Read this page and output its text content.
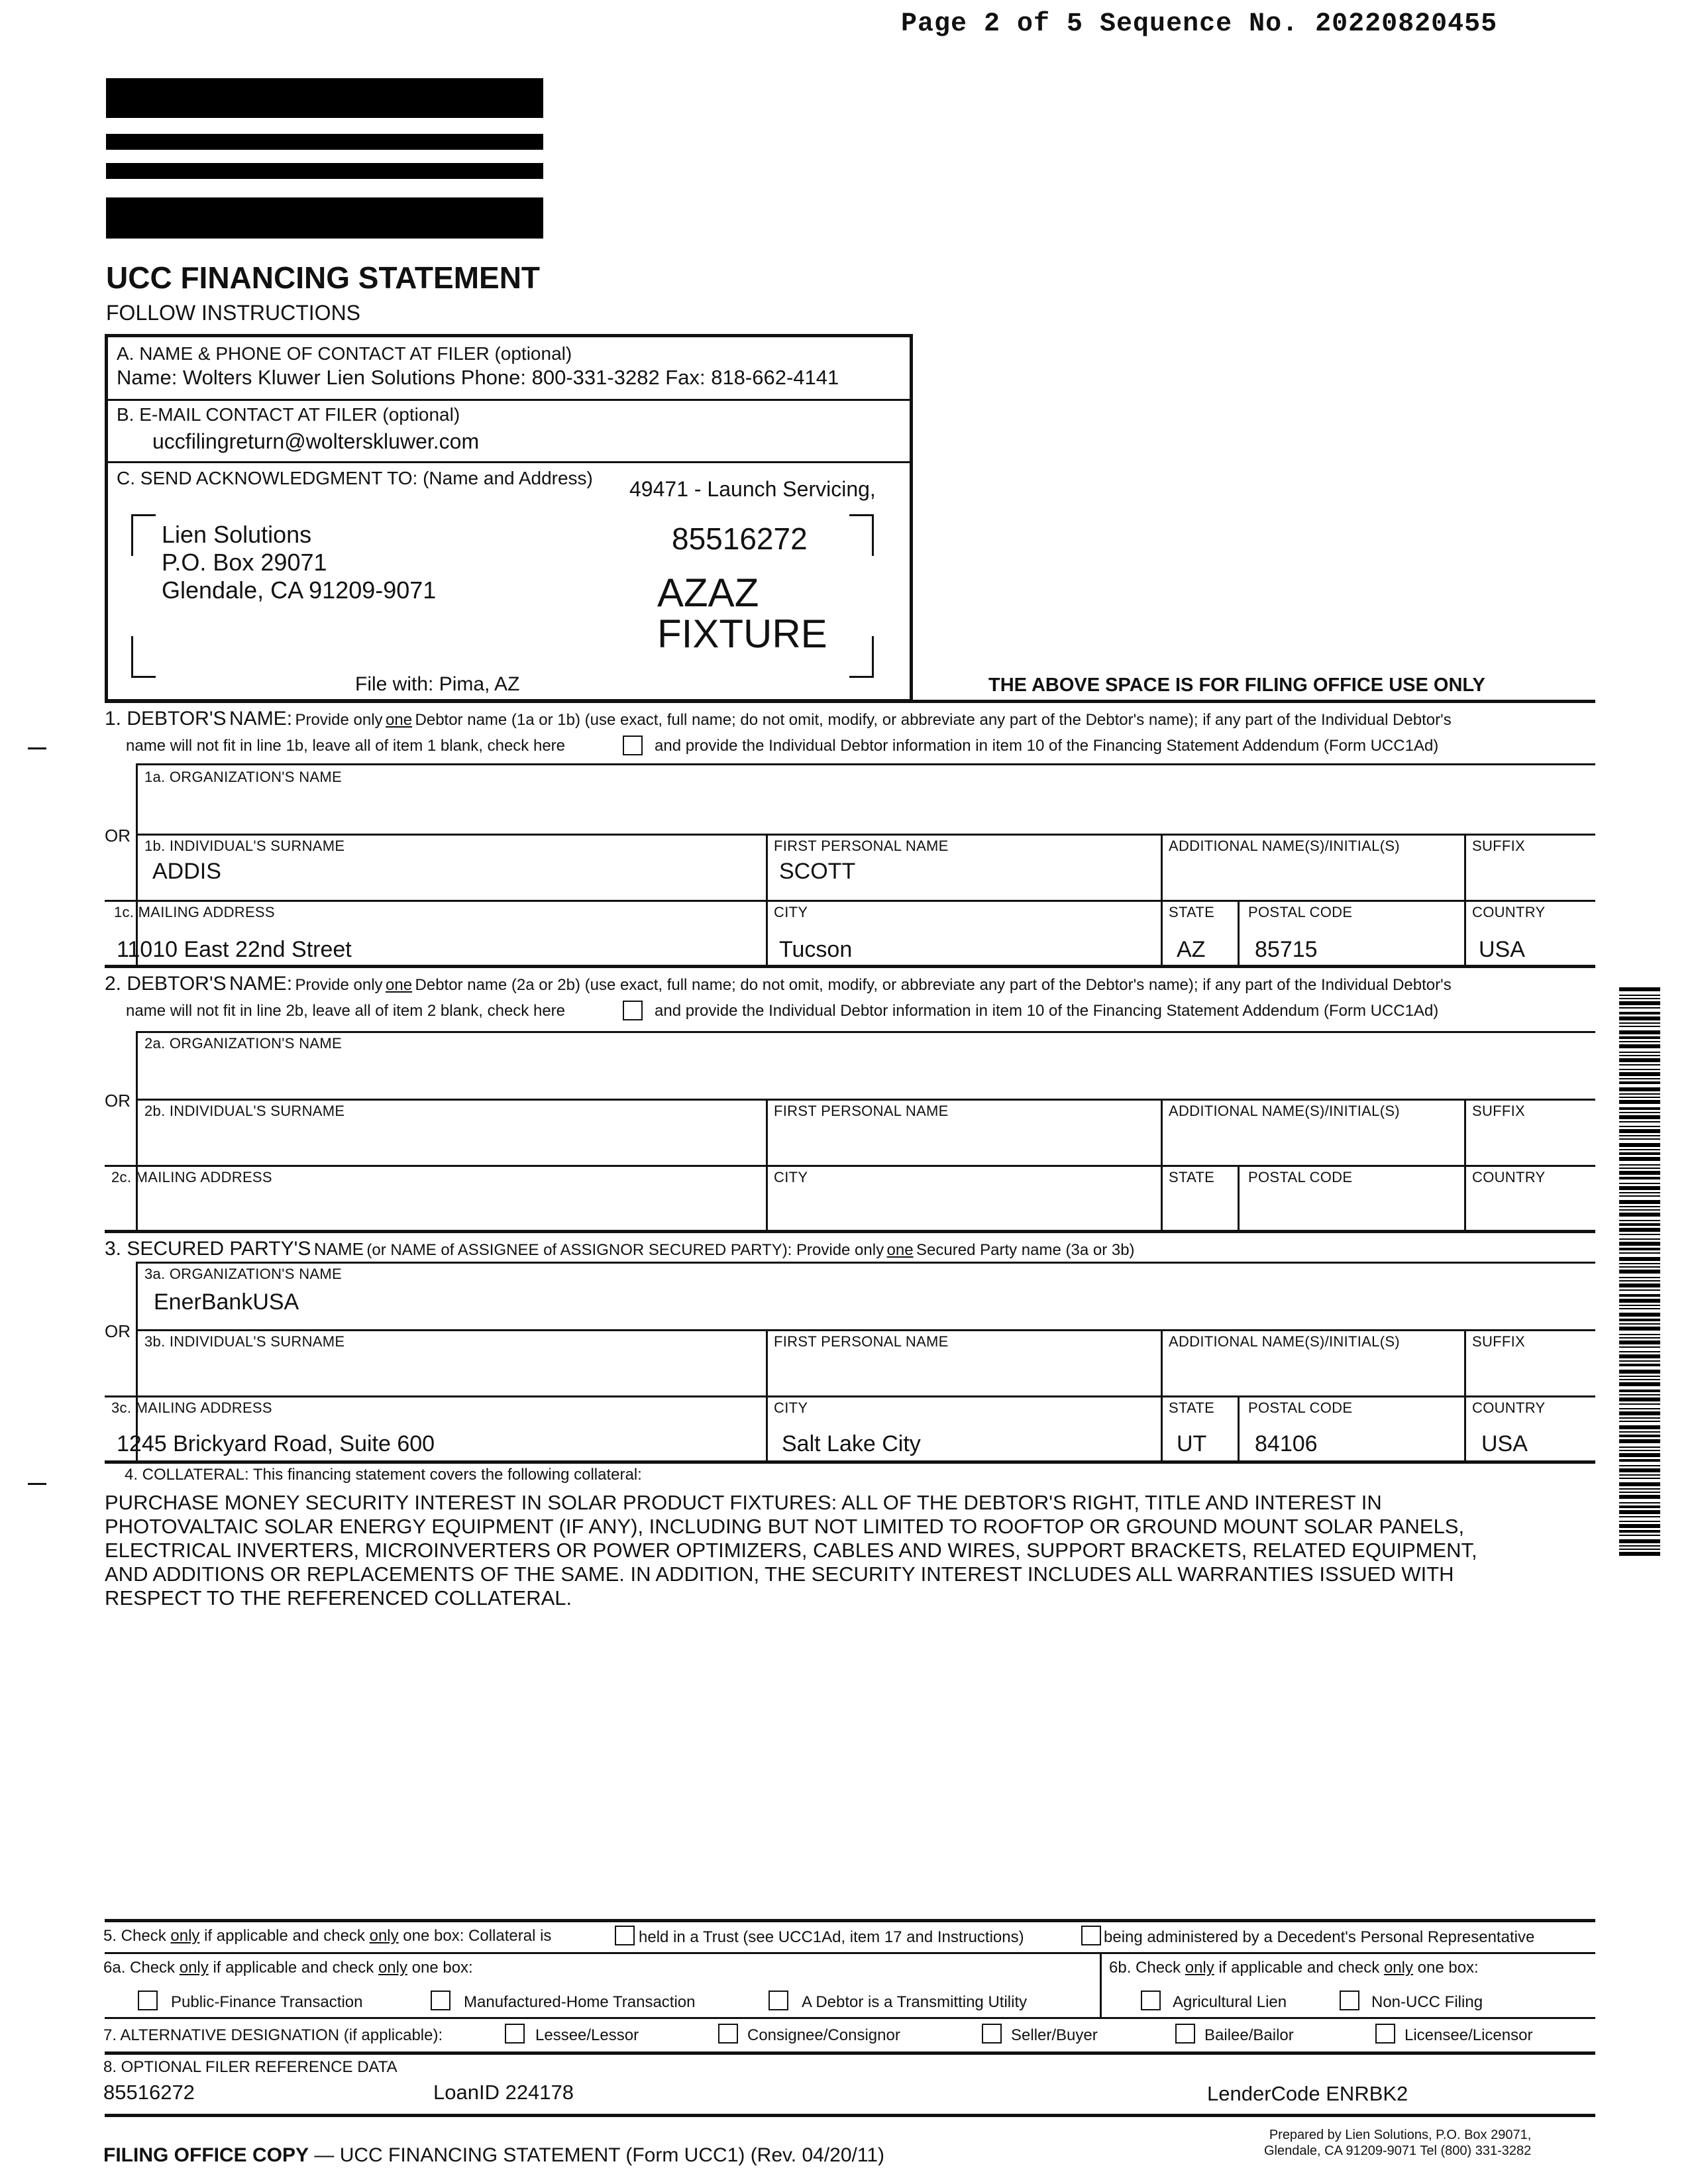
Page 2 of 5 Sequence No. 20220820455
UCC FINANCING STATEMENT
FOLLOW INSTRUCTIONS
A. NAME & PHONE OF CONTACT AT FILER (optional)
Name: Wolters Kluwer Lien Solutions Phone: 800-331-3282 Fax: 818-662-4141
B. E-MAIL CONTACT AT FILER (optional)
uccfilingreturn@wolterskluwer.com
C. SEND ACKNOWLEDGMENT TO: (Name and Address) 49471 - Launch Servicing,
Lien Solutions
P.O. Box 29071
Glendale, CA 91209-9071
85516272
AZAZ
FIXTURE
File with: Pima, AZ	THE ABOVE SPACE IS FOR FILING OFFICE USE ONLY
1. DEBTOR'S NAME: Provide only one Debtor name (1a or 1b) (use exact, full name; do not omit, modify, or abbreviate any part of the Debtor's name); if any part of the Individual Debtor's
name will not fit in line 1b, leave all of item 1 blank, check here	and provide the Individual Debtor information in item 10 of the Financing Statement Addendum (Form UCC1Ad)
1a. ORGANIZATION'S NAME
OR
1b. INDIVIDUAL'S SURNAME
ADDIS
FIRST PERSONAL NAME
SCOTT
ADDITIONAL NAME(S)/INITIAL(S)	SUFFIX
1c. MAILING ADDRESS
11010 East 22nd Street
CITY
Tucson
STATE
AZ
POSTAL CODE
85715
COUNTRY
USA
2. DEBTOR'S NAME: Provide only one Debtor name (2a or 2b) (use exact, full name; do not omit, modify, or abbreviate any part of the Debtor's name); if any part of the Individual Debtor's
name will not fit in line 2b, leave all of item 2 blank, check here	and provide the Individual Debtor information in item 10 of the Financing Statement Addendum (Form UCC1Ad)
2a. ORGANIZATION'S NAME
OR
2b. INDIVIDUAL'S SURNAME	FIRST PERSONAL NAME	ADDITIONAL NAME(S)/INITIAL(S)	SUFFIX
2c. MAILING ADDRESS	CITY	STATE POSTAL CODE	COUNTRY
3. SECURED PARTY'S NAME (or NAME of ASSIGNEE of ASSIGNOR SECURED PARTY): Provide only one Secured Party name (3a or 3b)
3a. ORGANIZATION'S NAME
EnerBankUSA
OR
3b. INDIVIDUAL'S SURNAME	FIRST PERSONAL NAME	ADDITIONAL NAME(S)/INITIAL(S)	SUFFIX
3c. MAILING ADDRESS
1245 Brickyard Road, Suite 600
CITY
Salt Lake City
STATE
UT
POSTAL CODE
84106
COUNTRY
USA
4. COLLATERAL: This financing statement covers the following collateral:
PURCHASE MONEY SECURITY INTEREST IN SOLAR PRODUCT FIXTURES: ALL OF THE DEBTOR'S RIGHT, TITLE AND INTEREST IN
PHOTOVALTAIC SOLAR ENERGY EQUIPMENT (IF ANY), INCLUDING BUT NOT LIMITED TO ROOFTOP OR GROUND MOUNT SOLAR PANELS,
ELECTRICAL INVERTERS, MICROINVERTERS OR POWER OPTIMIZERS, CABLES AND WIRES, SUPPORT BRACKETS, RELATED EQUIPMENT,
AND ADDITIONS OR REPLACEMENTS OF THE SAME. IN ADDITION, THE SECURITY INTEREST INCLUDES ALL WARRANTIES ISSUED WITH
RESPECT TO THE REFERENCED COLLATERAL.
5. Check only if applicable and check only one box: Collateral is	held in a Trust (see UCC1Ad, item 17 and Instructions)	being administered by a Decedent's Personal Representative
6a. Check only if applicable and check only one box:
Public-Finance Transaction	Manufactured-Home Transaction	A Debtor is a Transmitting Utility
6b. Check only if applicable and check only one box:
Agricultural Lien	Non-UCC Filing
7. ALTERNATIVE DESIGNATION (if applicable):	Lessee/Lessor	Consignee/Consignor	Seller/Buyer	Bailee/Bailor	Licensee/Licensor
8. OPTIONAL FILER REFERENCE DATA
85516272	LoanID 224178	LenderCode ENRBK2
FILING OFFICE COPY — UCC FINANCING STATEMENT (Form UCC1) (Rev. 04/20/11)
Prepared by Lien Solutions, P.O. Box 29071,
Glendale, CA 91209-9071 Tel (800) 331-3282
